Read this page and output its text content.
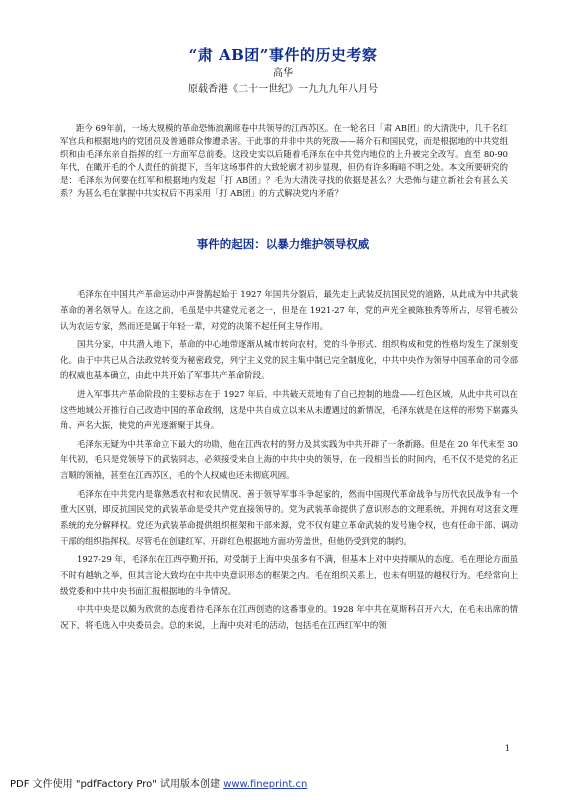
“肃 AB团”事件的历史考察
高华
原载香港《二十一世纪》一九九九年八月号

距今 69年前，一场大规模的革命恐怖浪潮席卷中共领导的江西苏区。在一轮名曰「肃 AB团」的大清洗中，几千名红军官兵和根据地内的党团员及普通群众惨遭杀害。干此事的并非中共的死敌——蒋介石和国民党，而是根据地的中共党组织和由毛泽东亲自指挥的红一方面军总前委。这段史实以后随着毛泽东在中共党内地位的上升被完全改写。直至 80-90 年代，在瞰开毛的个人责任的前提下，当年这场事件的大致轮廓才初步显现，但仍有许多晦暗不明之处。本文所要研究的是：毛泽东为何要在红军和根据地内发起「打 AB团」？毛为大清洗寻找的依据是甚么？大恐怖与建立新社会有甚么关系？为甚么毛在掌握中共实权后不再采用「打 AB团」的方式解决党内矛盾？

事件的起因：以暴力维护领导权威

毛泽东在中国共产革命运动中声誉鹊起始于 1927 年国共分裂后，最先走上武装反抗国民党的道路，从此成为中共武装革命的著名领导人。在这之前，毛虽是中共建党元老之一，但是在 1921-27 年，党的声光全被陈独秀等所占，尽管毛被公认为农运专家，然而还是属于年轻一辈，对党的决策不起任何主导作用。

国共分家，中共潜入地下，革命的中心地带逐渐从城市转向农村，党的斗争形式、组织构成和党的性格均发生了深刻变化。由于中共已从合法政党转变为秘密政党，列宁主义党的民主集中制已完全制度化，中共中央作为领导中国革命的司令部的权威也基本确立，由此中共开始了军事共产革命阶段。

进入军事共产革命阶段的主要标志在于 1927 年后，中共破天荒地有了自己控制的地盘——红色区域，从此中共可以在这些地域公开推行自己改造中国的革命政纲，这是中共自成立以来从未遭遇过的新情况，毛泽东就是在这样的形势下崭露头角、声名大振，使党的声光逐渐聚于其身。

毛泽东无疑为中共革命立下最大的功勋，他在江西农村的努力及其实践为中共开辟了一条新路。但是在 20 年代末至 30 年代初，毛只是党领导下的武装同志，必须接受来自上海的中共中央的领导，在一段相当长的时间内，毛不仅不是党的名正言顺的领袖，甚至在江西苏区，毛的个人权威也还未彻底巩固。

毛泽东在中共党内是靠熟悉农村和农民情况、善于领导军事斗争起家的，然而中国现代革命战争与历代农民战争有一个重大区别，即反抗国民党的武装革命是受共产党直接领导的。党为武装革命提供了意识形态的文理系统，并拥有对这套文理系统的充分解释权。党还为武装革命提供组织框架和干部来源，党不仅有建立革命武装的发号施令权，也有任命干部、调动干部的组织指挥权。尽管毛在创建红军、开辟红色根据地方面功劳盖世，但他仍受到党的制约。

1927-29 年，毛泽东在江西亭勤开拓，对受制于上海中央虽多有不满，但基本上对中央持顺从的态度。毛在理论方面虽不时有越轨之举，但其言论大致均在中共中央意识形态的框架之内。毛在组织关系上，也未有明显的越权行为。毛经常向上级党委和中共中央书面汇报根据地的斗争情况。

中共中央是以颇为欣赏的态度看待毛泽东在江西创造的这番事业的。1928 年中共在莫斯科召开六大，在毛未出席的情况下，将毛选入中央委员会。总的来说，上海中央对毛的活动，包括毛在江西红军中的领

1
PDF 文件使用 "pdfFactory Pro" 试用版本创建 www.fineprint.cn
